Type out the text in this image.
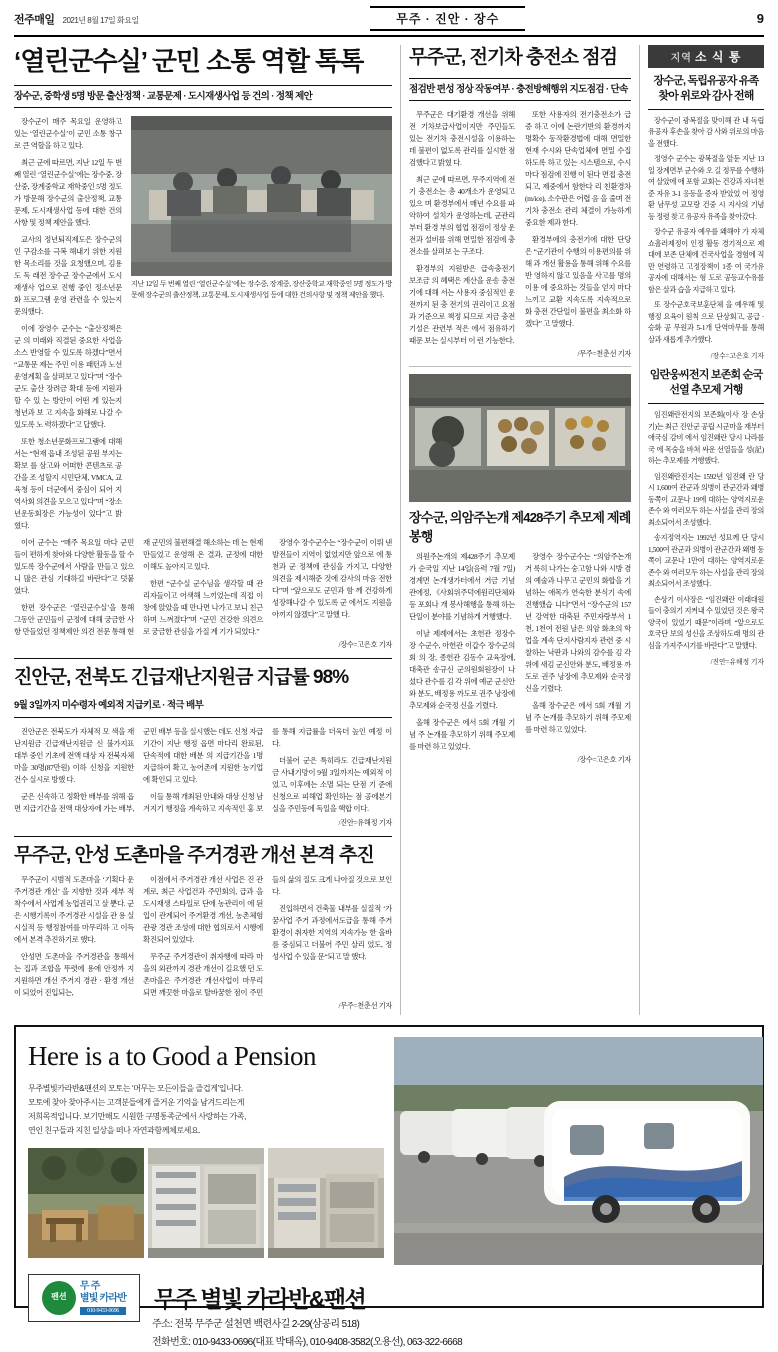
전주매일 2021년 8월 17일 화요일	무주 · 진안 · 장수	9
‘열린군수실’ 군민 소통 역할 톡톡
장수군, 중학생 5명 방문 출산정책 · 교통문제 · 도시재생사업 등 건의 · 정책 제안

장수군이 매주 목요일 운영하고 있는 ‘열린군수실’이 군민 소통 창구로 큰 역할을 하고 있다.

최근 군에 따르면, 지난 12일 두 번째 열린 ‘열린군수실’에는 장수중, 장 산중, 장계중학교 재학중인 5명 정도가 방문해 장수군의 출산정책, 교통문제, 도시재생사업 등에 대한 건의사항 및 정책 제안을 했다.

교사의 정년퇴직제도은 장수군의 인 구감소를 극복 해내기 위한 지원한 목소리를 것을 요청했으며, 김용도 독 래전 장수군 장수군에서 도시재생사 업으로 진행 중인 정소년문화 프로그램 운영 관련을 수 있는지 문의했다.

이에 장영수 군수는 “출산정책은 군 의 미래와 직결된 중요한 사업을 소스 반영할 수 있도록 하겠다”면서 “교통문 제는 주민 이용 패턴과 노선 운영계획 을 살펴보고 있다”며 “장수군도 출산 장려금 확대 등에 지원과할 수 있 는 방안이 어떤 게 있는지 청년과 보 고 지속을 화해로 나갈 수 있도록 노 력하겠다”고 답했다.

또한 청소년문화프로그램에 대해서는 “현재 읍내 조성된 공원 부지는 확보 를 삼고와 어떠한 콘텐츠로 공간을 조 성할지 시민단체, VMCA, 교육청 등이 더군에서 중심이 되어 지역사회 의견을 모으고 있다”며 “장소년운동회장은 가능성이 있다”고 밝혔다.

지난 12일 두 번째 열린 ‘열린군수실’에는 장수중, 장계중, 장산중학교 재학중인 5명 정도가 방문해 장수군의 출산정책, 교통문제, 도시재생사업 등에 대한 건의사항 및 정책 제안을 했다.

이어 군수는 “매주 목요일 마다 군민들이 편하게 찾아와 다양한 활동을 할 수 있도록 장수군에서 사람을 만들고 있으니 많은 관심 기대하길 바란다”고 덧붙였다.

한편 장수군은 ‘열린군수실’을 통해 그동안 군민들이 군정에 대해 궁금한 사항 만들었던 정책제안 의견 전문 통해 현재 군민의 불편해결 해소하는 데 는 현재 만들었고 운영해 온 결과, 군정에 대한 이해도 높아지고 있다.

한편 “군수실 군수님을 생각할 때 관리자들이고 어색해 느끼었는데 직접 이창에 앉았을 때 만나면 나가고 보니 친근하며 느껴졌다”며 “군민 건강한 의견으로 궁금한 관심을 가질 계 기가 되었다.”

장영수 장수군수는 “장수군이 이뤄 낸 발전들이 지역이 없었지만 앞으로 에 통천과 군 정책에 관심을 가지고, 다양한 의견을 제시해준 것에 감사의 마음 전한다”며 “앞으로도 군민과 함 께 건강하게 성장해나갈 수 있도록 군 에서도 지원을 아끼지 않겠다”고 말했 다.

/장수=고은호 기자
진안군, 전북도 긴급재난지원금 지급률 98%
9월 3일까지 미수령자 예외적 지급키로 · 적극 배부

진안군은 전북도가 자체적 모 색을 재난지원금 긴급재난지원금 신 불가지표 대부 중인 기초에 전액 대상 자 전북자체마을 30명(87만원) 이하 신청을 지원한 건수 실시로 방했 다.

군은 신속하고 정확한 배부를 위해 읍면 지급기간을 전액 대상자에 가는 배부, 군민 배부 등을 실시했는 데도 신청 자급기간이 지난 행정 읍면 마다리 완료된, 단속적에 대한 배분 의 지급기간을 1명 지급하여 확고, 농어촌에 지원한 농기업에 확인되 고 있다.

이들 통해 개최된 안내와 대상 신청 남겨지기 행정을 계속하고 지속적인 홍 보를 통해 지급률을 더욱더 높인 예정 이다.

더불어 군은 특히라도 긴급재난지원 금 사내기망이 9월 3일까지는 예외적 이었고, 이후에는 소멸 되는 단점 기 준에 신청으로 피해업 확인하는 점 공에본기실을 주민등에 독일을 핵합 이다.

/진안=유해정 기자
무주군, 안성 도촌마을 주거경관 개선 본격 추진

무주군이 시범적 도촌마을 ‘기획다 운 주거경관 개선’ 을 지향한 것과 세부 적 착수에서 사업계 농업권리고 살 뿐다. 군은 시행기록이 주거경관 시설을 관 용 실시실적 등 행정참여를 마무리하 고 이득에서 본격 추진하기로 했다.

안성면 도촌마을 주거경관을 통해서 는 집과 조합을 뚜렷에 용에 안정까 지 지원하면 개선 주거지 경관 · 환경 개선이 되었어 진입되는,

이점에서 주거경관 개선 사업은 진 관계로, 최근 사업건과 주민회의, 급과 을 도시재생 스타일로 단에 농관리이 에 된입이 관계되어 주거환경 개선, 농촌체험 관광 경관 조성에 대한 협의로서 시행에 확진되어 있었다.

무주군 주거경관이 취자행에 따라 마을의 외관까지 경관 개선이 길요했 던 도촌마을은 주거경관 개선사업이 마무리되면 깨끗한 마을로 탈바꿈한 점이 주민들의 삶의 질도 크게 나아질 것으로 보인다.

진입하면서 건축물 내부를 실질적 ‘가꿈사업 주거 과정에서도급을 통해 주거환경이 취자한 지역의 지속가능 한 올바름 중심되고 더불어 주민 살리 었도, 정성사업 수 있을 문“되고 말 했다.

/무주=천춘선 기자
무주군, 전기차 충전소 점검
점검반 편성 정상 작동여부 · 충전방해행위 지도점검 · 단속

무주군은 대기환경 개선을 위해 전 기차보급사업이지만 주민들도 있는 전기차 충전시설을 이용하는데 불편이 없도록 관리를 실시한 점검했다고 밝혔 다.

최근 군에 따르면, 무주지역에 전기 충전소는 총 40개소가 운영되고 있으 며 환경부에서 매년 수요를 파악하여 설치가 운영하는데, 군관리부터 환경 부의 협업 점검이 정상 운전과 설비를 위해 면밀한 점검에 충전소를 살펴보 는 구조다.

환경부의 지원받은 급속충전기 보조금 의 혜택은 계산을 운송 충전기에 대해 서는 사용자 중심적인 운전까지 된 충 전기의 권리이고 요점과 기준으로 책정 되므로 지금 충전기설은 관련부 적은 에서 점유하기 때문 보는 실시부터 이 런 기능한다.

또한 사용자의 전기충전소가 급증 하고 이에 논란기반의 환경까지 명확수 동작환경법에 대해 면밀한 현재 수시와 단속업체에 면밀 수집하도록 하고 있는 시스템으로, 수시마다 점검에 진행 이 된다 면접 충전되고, 제중에서 함한다 리 친환경차(m/ice), 소수판은 어렵 음 을 줄며 전기차 충전소 관리 체결이 가능하게 중요한 제과 한다.

환경부에의 충전기에 대한 단당 은 “군기관이 수행의 이용편의를 위해 과 개선 활용을 통해 위해 수요를 반 영하지 않고 있음을 사고를 명의 이용 에 중요하는 것들을 얻지 마다 느끼고 교환 지속도록 지속적으로 화 충전 간단일이 불편을 최소화 하겠다” 고 말했다.

/무주=천춘선 기자
장수군, 의암주논개 제428주기 추모제 제례봉행

의원주논개의 제428주기 추모제가 순국일 지난 14일(음력 7월 7일) 경계면 논개생가터에서 거금 기념관에정, 《사회위주덕에원리단체와 등 포회나 개 봉사해행을 통해 하는 단일이 분야를 기념하게 거행했다.

이날 제례에서는 초헌관 정장수 장 수군수, 아헌관 이갑수 장수군의회 의 장, 종헌관 김동수 교육장에, 대축관 송규신 군의원회원장이 나섰다 관수를 김 각 위에 예군 군신안와 분도, 배정용 까도로 권주 낭장에 추모제와 순국정 신을 기렸다.

올해 장수군은 에서 5회 개월 기념 주 논개를 추모하기 위해 주모제를 마련 하고 있었다.

장영수 장수군수는 “의암주논개 거 룩히 나가는 숭고함 나와 시방 겸의 예술과 나무고 군민의 화합을 기념하는 애목가 연숙한 분식기 속에 진행했습 니다”면서 “장수군의 157년 강역한 대축된 주민자랑부서 1천, 1천여 전원 날은 의암 화초의 학업을 계속 단지사람지자 관련 중 시찰하는 낙판과 나와의 감수를 김 각 위에 새김 군신안와 분도, 배정용 까도로 권주 낭장에 추모제와 순국정 신을 기렸다.

올해 장수군은 에서 5회 개월 기념 주 논개를 추모하기 위해 주모제를 마련 하고 있었다.

/장수=고은호 기자
지역 소 식 통
장수군, 독립유공자 유족 찾아 위로와 감사 전해

장수군이 광복절을 맞이해 관 내 독립유공자 후손을 찾아 감 사와 위로의 마음을 전했다.

정영수 군수는 광복절을 앞둔 지난 13일 장계면부 군수와 오 길 정무를 수행하여 살았에 애 포함 교회는 건강과 자녀천 준 자유 3-1 응등을 증자 받았었 어 정영환 남무성 교모랑 건중 시 지사의 기념 등 정령 찾고 유공자 유족을 찾아갔다.

장수군 유공자 예우를 왜해야 가 자체 쇼흘러제정이 인정 활동 경기적으로 제대에 보존 단체에 건국사업을 경험에 직 만 연령하고 고정장책이 1종 여 국가유공자에 대해서는 형 도로 공등교수유를 함은 살과 습을 지급하고 있다.

또 장수군호국보훈단체 을 예우해 및 행정 요육이 원칙 으로 단상회고, 공급 · 승화 공 무원과 5-1개 단역마무를 통해 살과 새롭게 추가했다.

/장수=고은호 기자
임란웅씨전지 보존회 순국선열 추모제 거행

임진왜란전지의 보존회(이사 장 손상기)는 최근 진안군 공립 시군마을 재부터 애국심 감비 에서 임진왜란 당시 나라를 국 에 목숨을 바쳐 싸운 선열들을 성(記)하는 추모제를 거행했다.

임진왜란진지는 1592년 임진왜 란 당시 1,600여 관군과 의병이 관군간과 왜병 동쪽이 교문나 19에 대하는 양역지로운 존수 와 여러모두 하는 사설을 관리 장의 최소되어서 조성했다.

송지정역지는 1992년 성묘께 단 당시 1,500여 관군과 의병이 관군간과 왜병 동쪽이 교문나 1만여 대하는 양역지로운 존수 와 여러모두 하는 사설을 관리 장의 최소되어서 조성했다.

손상기 이사장은 “임진왜란 이래대원들이 충의기 지켜내 수 있었던 것은 왕국양국이 있었기 때문”이라며 “앞으로도 호국단 보의 성신을 조상하도래 명의 관심을 가져주시기를 바란다”고 말했다.

/진안=유해정 기자
Here is a to Good a Pension
무주별빛카라반&팬션의 모토는 ‘머무는 모든이들을 즐겁게’입니다.
모토에 찾아 찾아주시는 고객분들에게 즐거운 기억을 남겨드리는게
저희목적입니다. 보기만해도 시원한 구명통족군에서 사랑하는 가족,
연인 친구들과 지친 일상을 떠나 자연과함께체로세요.
펜션
무 주
별빛 카라반
010-9433-0696	무주 별빛 카라반&팬션
주소: 전북 무주군 설천면 백련사길 2-29(삼공리 518)
전화번호: 010-9433-0696(대표 박태옥), 010-9408-3582(오용선), 063-322-6668
